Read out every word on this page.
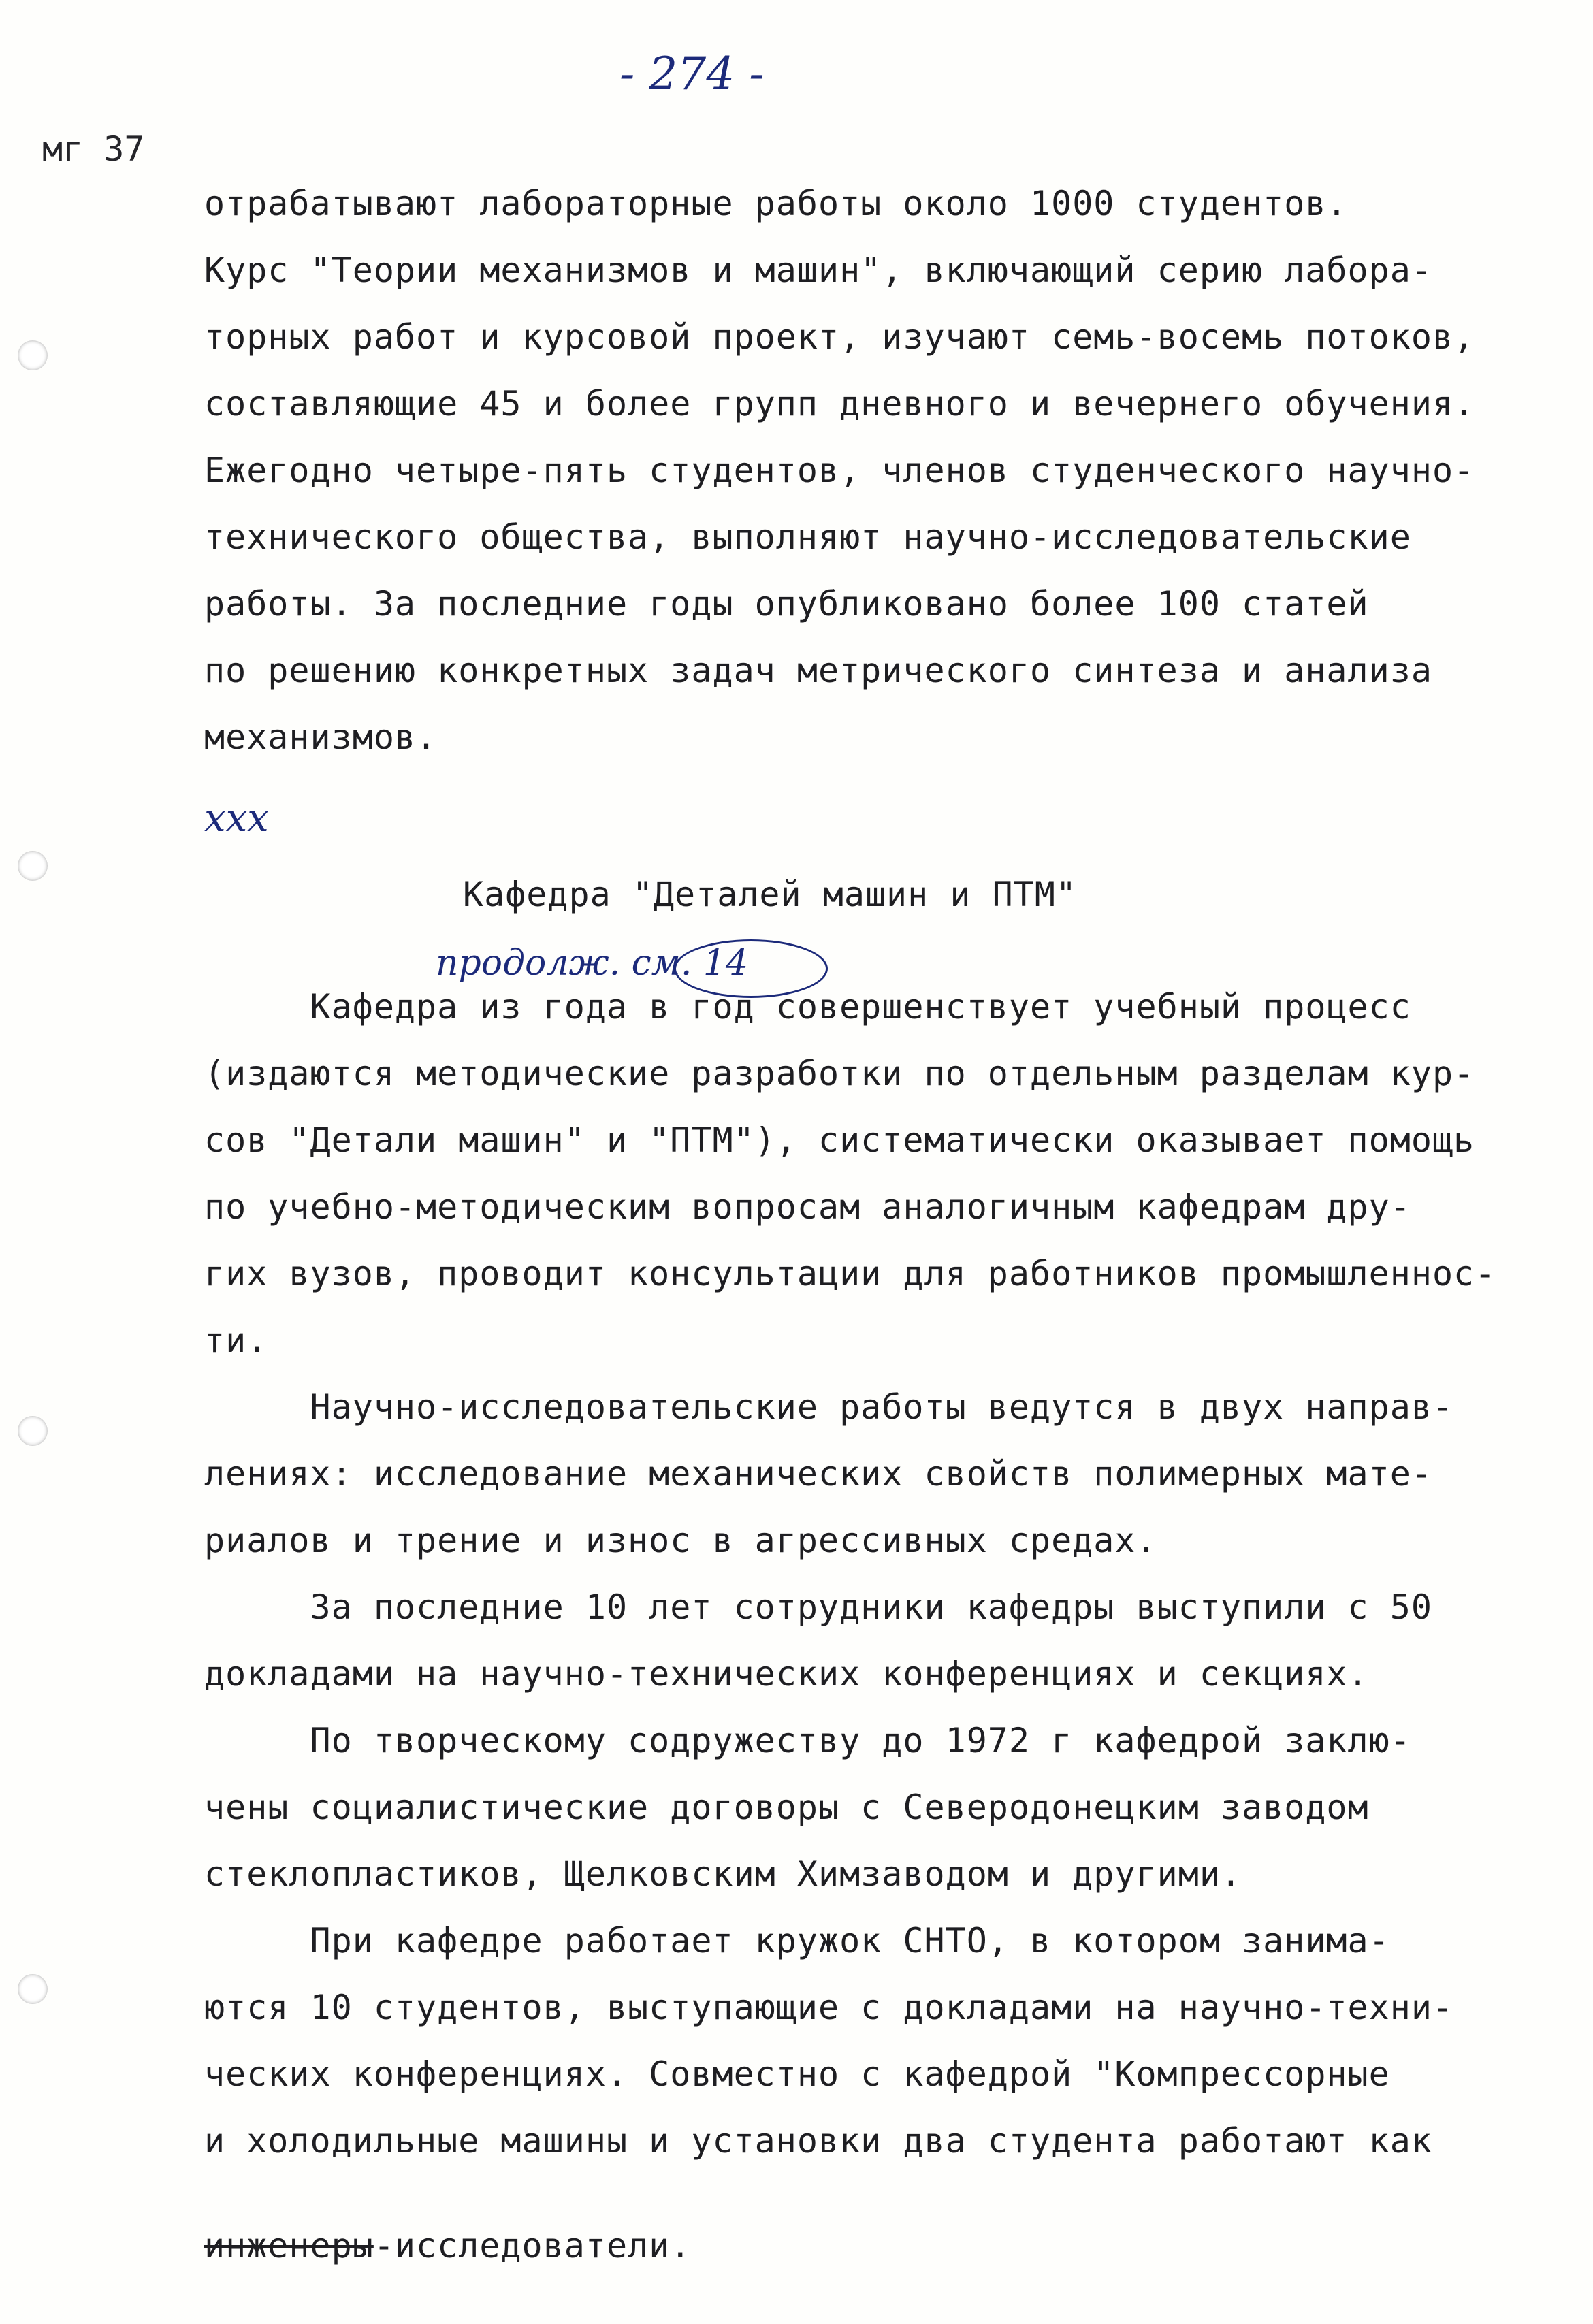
- 274 -
мг 37
отрабатывают лабораторные работы около 1000 студентов.
Курс "Теории механизмов и машин", включающий серию лабора-
торных работ и курсовой проект, изучают семь-восемь потоков,
составляющие 45 и более групп дневного и вечернего обучения.
Ежегодно четыре-пять студентов, членов студенческого научно-
технического общества, выполняют научно-исследовательские
работы. За последние годы опубликовано более 100 статей
по решению конкретных задач метрического синтеза и анализа
механизмов.
ххх
Кафедра "Деталей машин и ПТМ"
продолж. см. 14
Кафедра из года в год совершенствует учебный процесс
(издаются методические разработки по отдельным разделам кур-
сов "Детали машин" и "ПТМ"), систематически оказывает помощь
по учебно-методическим вопросам аналогичным кафедрам дру-
гих вузов, проводит консультации для работников промышленнос-
ти.
Научно-исследовательские работы ведутся в двух направ-
лениях: исследование механических свойств полимерных мате-
риалов и трение и износ в агрессивных средах.
За последние 10 лет сотрудники кафедры выступили с 50
докладами на научно-технических конференциях и секциях.
По творческому содружеству до 1972 г кафедрой заклю-
чены социалистические договоры с Северодонецким заводом
стеклопластиков, Щелковским Химзаводом и другими.
При кафедре работает кружок СНТО, в котором занима-
ются 10 студентов, выступающие с докладами на научно-техни-
ческих конференциях. Совместно с кафедрой "Компрессорные
и холодильные машины и установки два студента работают как
инженеры-исследователи.
